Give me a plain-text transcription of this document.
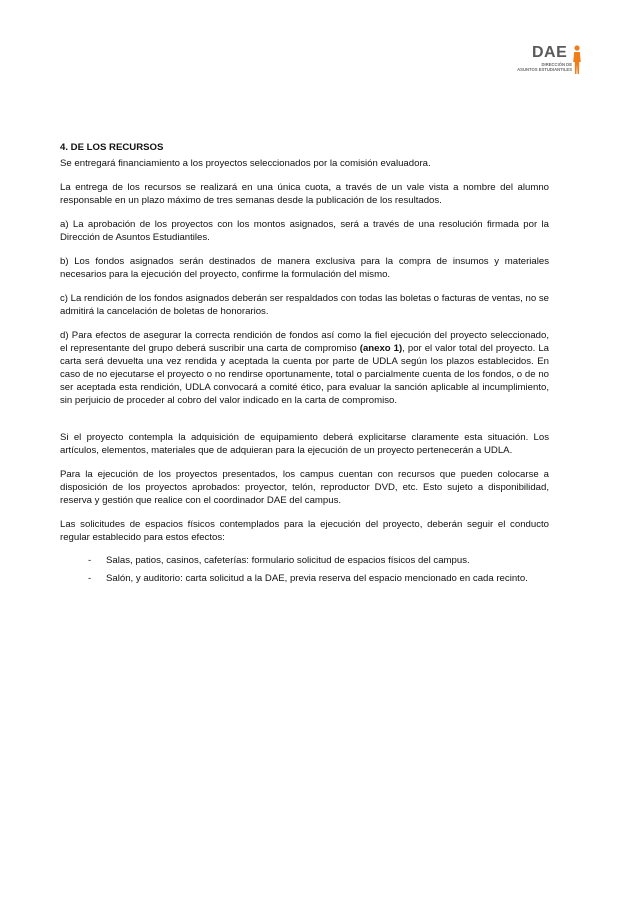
DAE
DIRECCIÓN DE
ASUNTOS ESTUDIANTILES
4. DE LOS RECURSOS

Se entregará financiamiento a los proyectos seleccionados por la comisión evaluadora.

La entrega de los recursos se realizará en una única cuota, a través de un vale vista a nombre del alumno responsable en un plazo máximo de tres semanas desde la publicación de los resultados.

a) La aprobación de los proyectos con los montos asignados, será a través de una resolución firmada por la Dirección de Asuntos Estudiantiles.

b) Los fondos asignados serán destinados de manera exclusiva para la compra de insumos y materiales necesarios para la ejecución del proyecto, confirme la formulación del mismo.

c) La rendición de los fondos asignados deberán ser respaldados con todas las boletas o facturas de ventas, no se admitirá la cancelación de boletas de honorarios.

d) Para efectos de asegurar la correcta rendición de fondos así como la fiel ejecución del proyecto seleccionado, el representante del grupo deberá suscribir una carta de compromiso (anexo 1), por el valor total del proyecto. La carta será devuelta una vez rendida y aceptada la cuenta por parte de UDLA según los plazos establecidos. En caso de no ejecutarse el proyecto o no rendirse oportunamente, total o parcialmente cuenta de los fondos, o de no ser aceptada esta rendición, UDLA convocará a comité ético, para evaluar la sanción aplicable al incumplimiento, sin perjuicio de proceder al cobro del valor indicado en la carta de compromiso.

Si el proyecto contempla la adquisición de equipamiento deberá explicitarse claramente esta situación. Los artículos, elementos, materiales que de adquieran para la ejecución de un proyecto pertenecerán a UDLA.

Para la ejecución de los proyectos presentados, los campus cuentan con recursos que pueden colocarse a disposición de los proyectos aprobados: proyector, telón, reproductor DVD, etc. Esto sujeto a disponibilidad, reserva y gestión que realice con el coordinador DAE del campus.

Las solicitudes de espacios físicos contemplados para la ejecución del proyecto, deberán seguir el conducto regular establecido para estos efectos:

- Salas, patios, casinos, cafeterías: formulario solicitud de espacios físicos del campus.
- Salón, y auditorio: carta solicitud a la DAE, previa reserva del espacio mencionado en cada recinto.
